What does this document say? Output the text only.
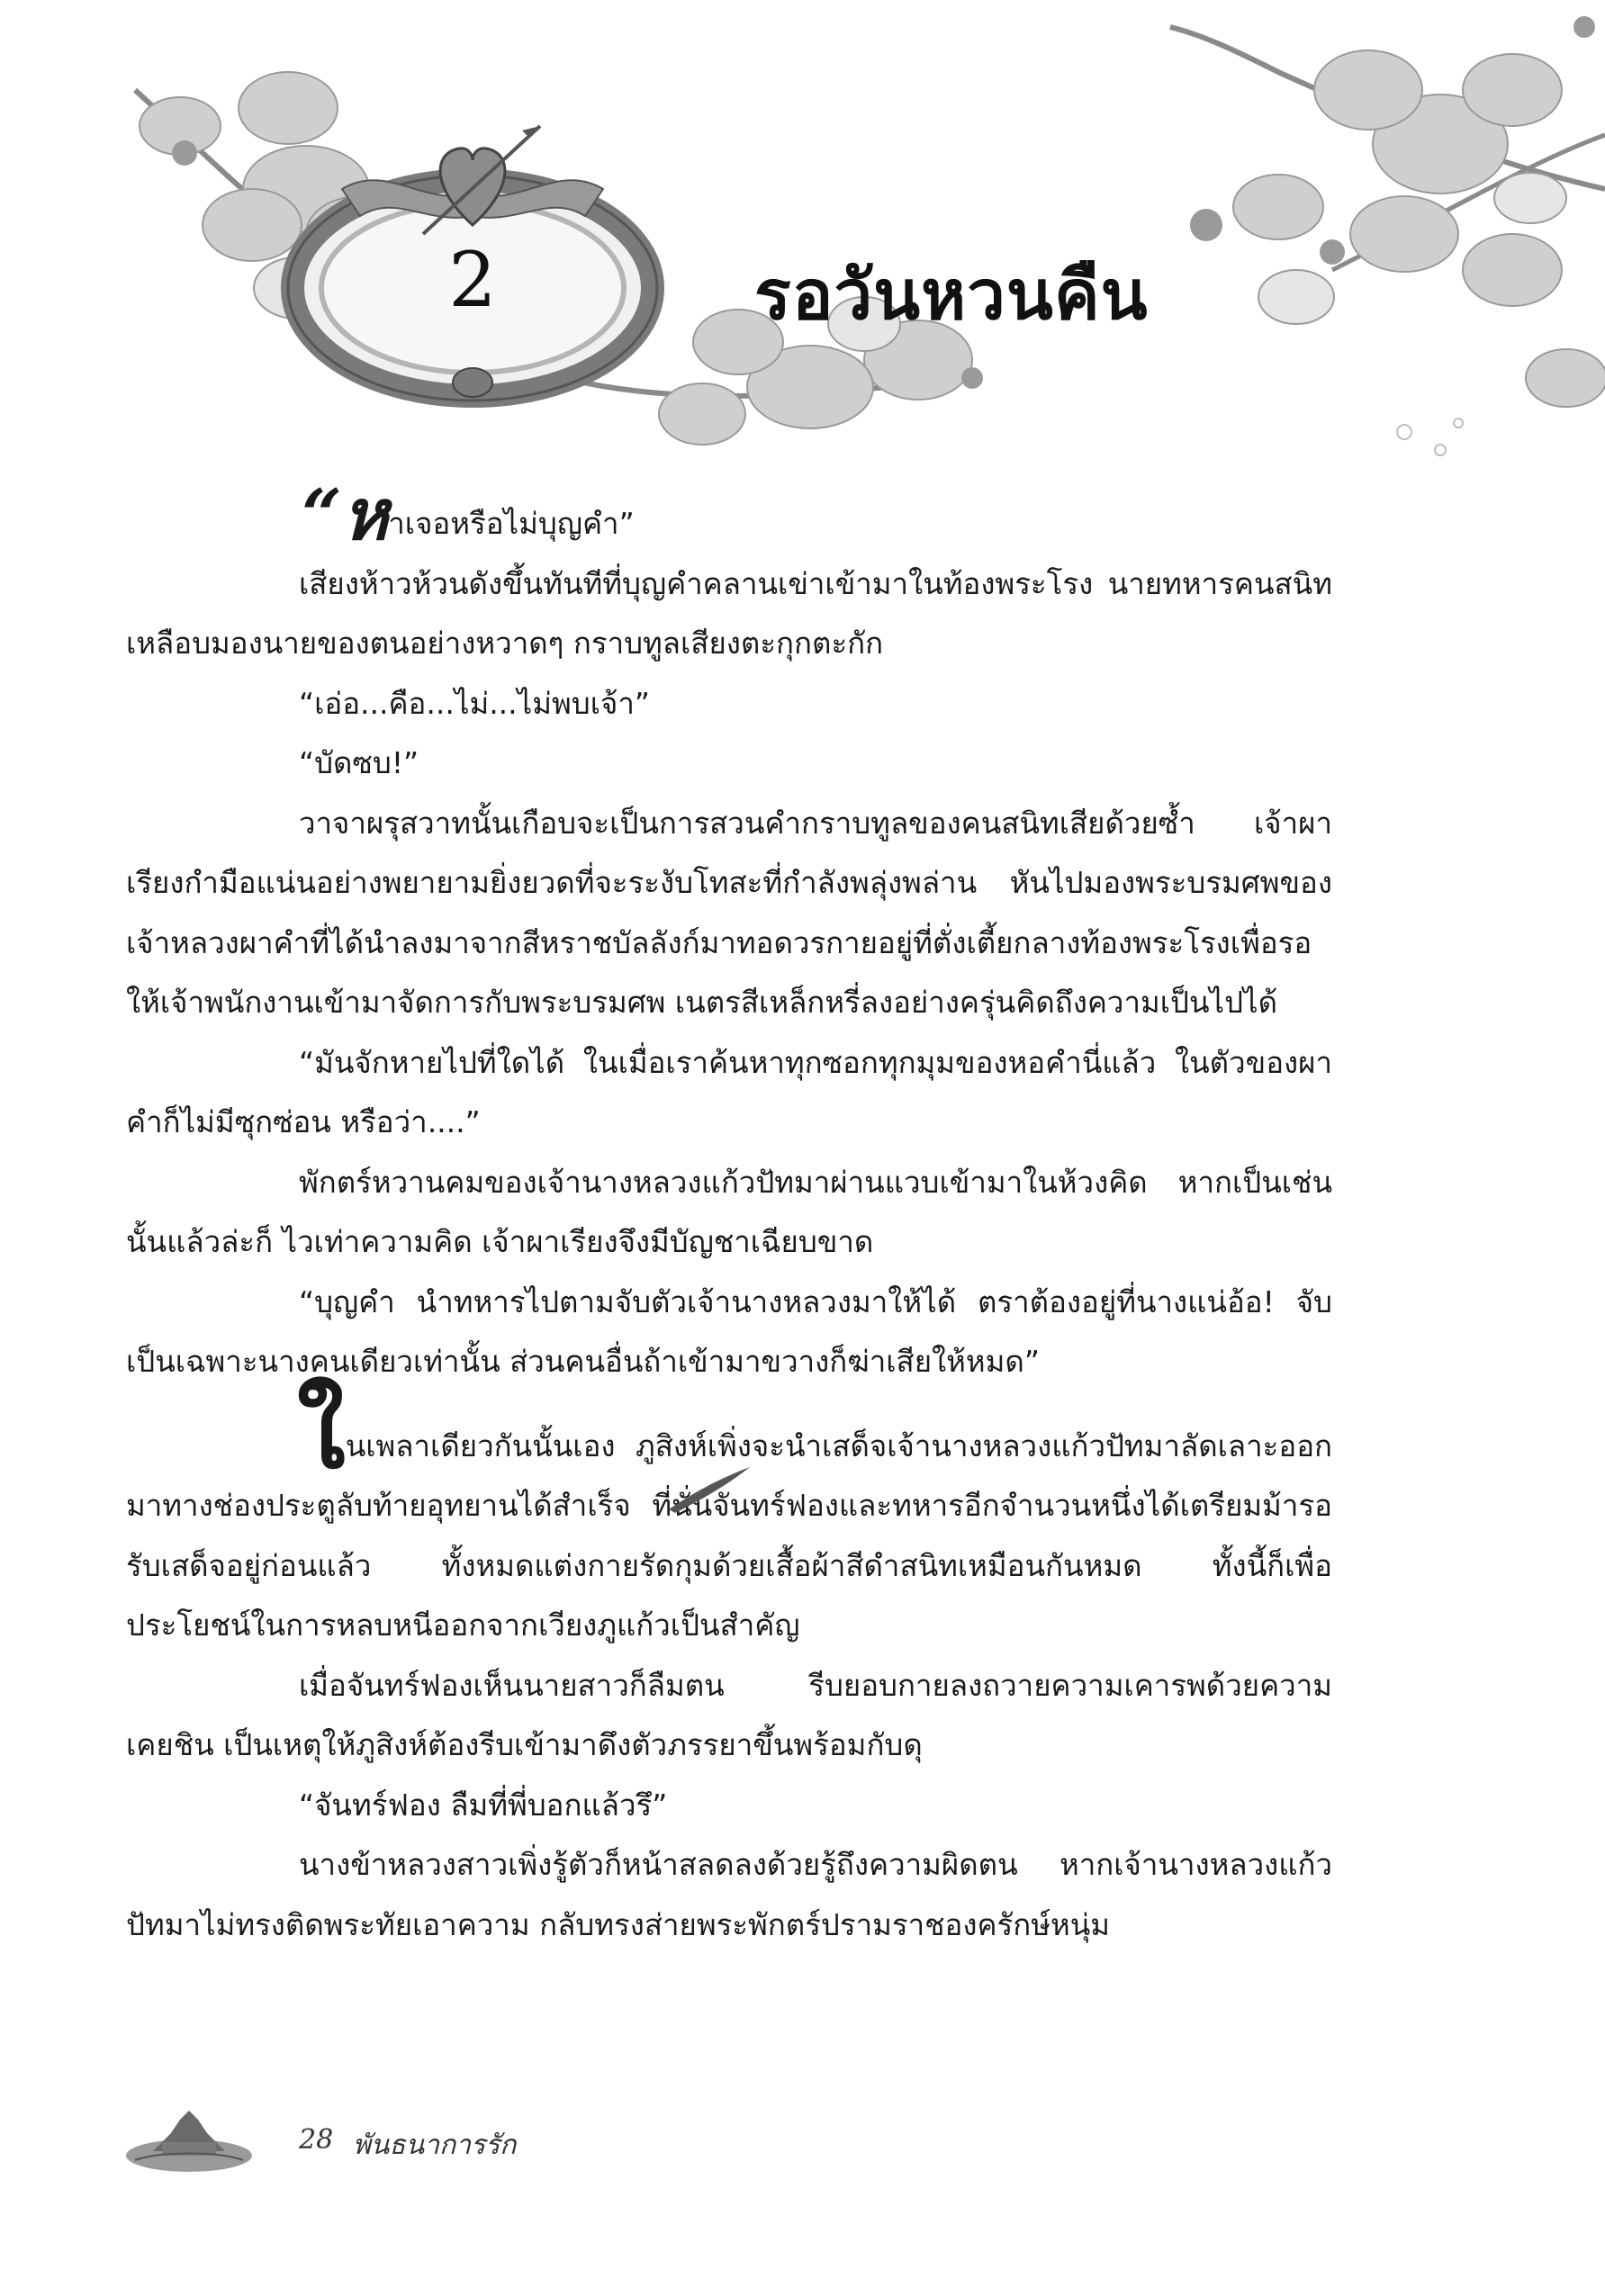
2	รอวันหวนคืน

“หาเจอหรือไม่บุญคำ”

เสียงห้าวห้วนดังขึ้นทันทีที่บุญคำคลานเข่าเข้ามาในท้องพระโรง นายทหารคนสนิทเหลือบมองนายของตนอย่างหวาดๆ กราบทูลเสียงตะกุกตะกัก

“เอ่อ...คือ...ไม่...ไม่พบเจ้า”

“บัดซบ!”

วาจาผรุสวาทนั้นเกือบจะเป็นการสวนคำกราบทูลของคนสนิทเสียด้วยซ้ำ เจ้าผาเรียงกำมือแน่นอย่างพยายามยิ่งยวดที่จะระงับโทสะที่กำลังพลุ่งพล่าน หันไปมองพระบรมศพของเจ้าหลวงผาคำที่ได้นำลงมาจากสีหราชบัลลังก์มาทอดวรกายอยู่ที่ตั่งเตี้ยกลางท้องพระโรงเพื่อรอให้เจ้าพนักงานเข้ามาจัดการกับพระบรมศพ เนตรสีเหล็กหรี่ลงอย่างครุ่นคิดถึงความเป็นไปได้

“มันจักหายไปที่ใดได้ ในเมื่อเราค้นหาทุกซอกทุกมุมของหอคำนี่แล้ว ในตัวของผาคำก็ไม่มีซุกซ่อน หรือว่า....”

พักตร์หวานคมของเจ้านางหลวงแก้วปัทมาผ่านแวบเข้ามาในห้วงคิด หากเป็นเช่นนั้นแล้วล่ะก็ ไวเท่าความคิด เจ้าผาเรียงจึงมีบัญชาเฉียบขาด

“บุญคำ นำทหารไปตามจับตัวเจ้านางหลวงมาให้ได้ ตราต้องอยู่ที่นางแน่อ้อ! จับเป็นเฉพาะนางคนเดียวเท่านั้น ส่วนคนอื่นถ้าเข้ามาขวางก็ฆ่าเสียให้หมด”

ในเพลาเดียวกันนั้นเอง ภูสิงห์เพิ่งจะนำเสด็จเจ้านางหลวงแก้วปัทมาลัดเลาะออกมาทางช่องประตูลับท้ายอุทยานได้สำเร็จ ที่นั่นจันทร์ฟองและทหารอีกจำนวนหนึ่งได้เตรียมม้ารอรับเสด็จอยู่ก่อนแล้ว ทั้งหมดแต่งกายรัดกุมด้วยเสื้อผ้าสีดำสนิทเหมือนกันหมด ทั้งนี้ก็เพื่อประโยชน์ในการหลบหนีออกจากเวียงภูแก้วเป็นสำคัญ

เมื่อจันทร์ฟองเห็นนายสาวก็ลืมตน รีบยอบกายลงถวายความเคารพด้วยความเคยชิน เป็นเหตุให้ภูสิงห์ต้องรีบเข้ามาดึงตัวภรรยาขึ้นพร้อมกับดุ

“จันทร์ฟอง ลืมที่พี่บอกแล้วรึ”

นางข้าหลวงสาวเพิ่งรู้ตัวก็หน้าสลดลงด้วยรู้ถึงความผิดตน หากเจ้านางหลวงแก้วปัทมาไม่ทรงติดพระทัยเอาความ กลับทรงส่ายพระพักตร์ปรามราชองครักษ์หนุ่ม

28 พันธนาการรัก
